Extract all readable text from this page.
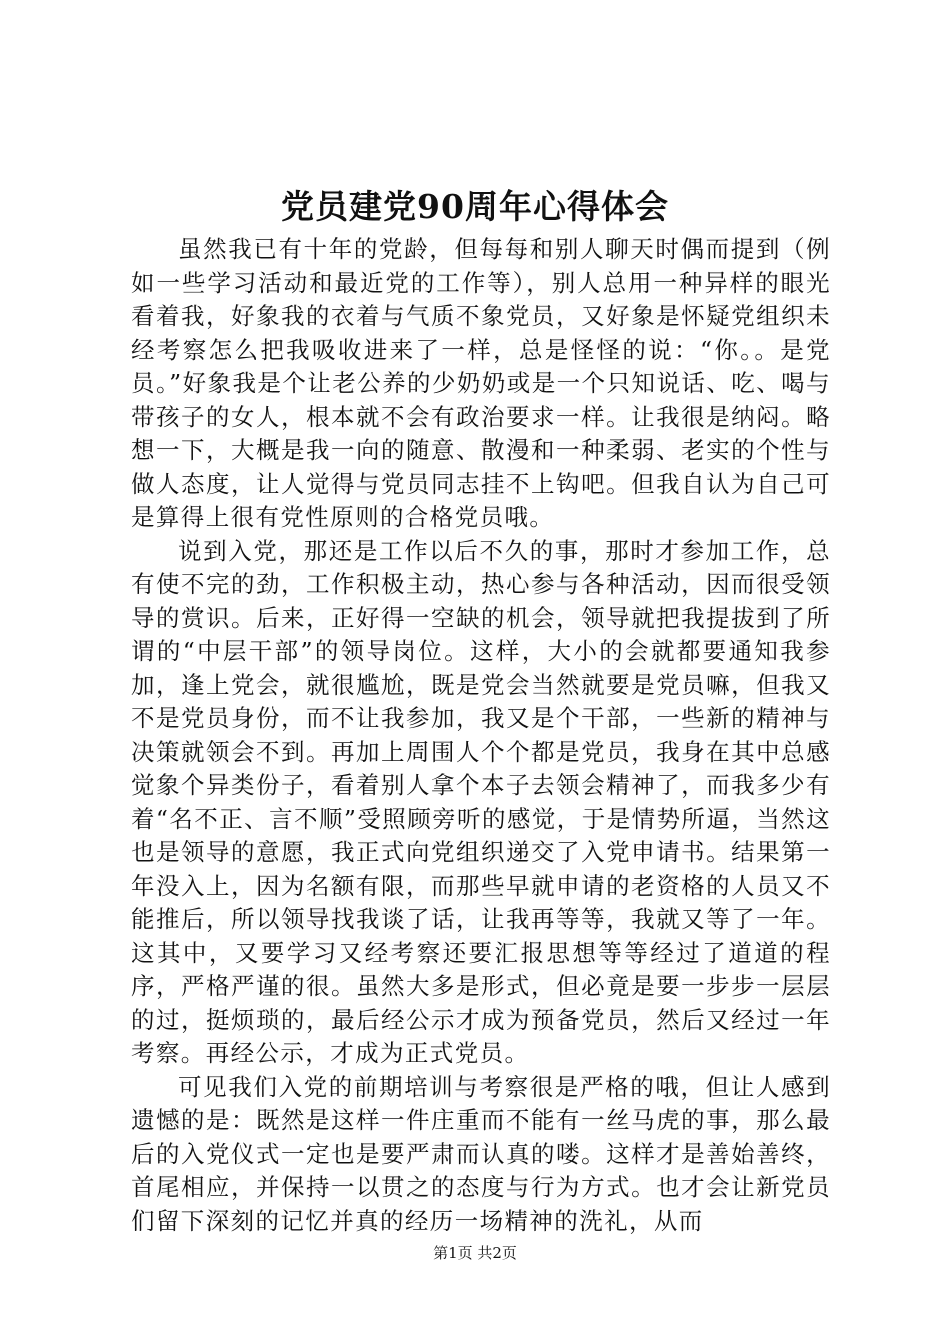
党员建党90周年心得体会

虽然我已有十年的党龄，但每每和别人聊天时偶而提到（例如一些学习活动和最近党的工作等），别人总用一种异样的眼光看着我，好象我的衣着与气质不象党员，又好象是怀疑党组织未经考察怎么把我吸收进来了一样，总是怪怪的说：“你。。是党员。”好象我是个让老公养的少奶奶或是一个只知说话、吃、喝与带孩子的女人，根本就不会有政治要求一样。让我很是纳闷。略想一下，大概是我一向的随意、散漫和一种柔弱、老实的个性与做人态度，让人觉得与党员同志挂不上钩吧。但我自认为自己可是算得上很有党性原则的合格党员哦。

说到入党，那还是工作以后不久的事，那时才参加工作，总有使不完的劲，工作积极主动，热心参与各种活动，因而很受领导的赏识。后来，正好得一空缺的机会，领导就把我提拔到了所谓的“中层干部”的领导岗位。这样，大小的会就都要通知我参加，逢上党会，就很尴尬，既是党会当然就要是党员嘛，但我又不是党员身份，而不让我参加，我又是个干部，一些新的精神与决策就领会不到。再加上周围人个个都是党员，我身在其中总感觉象个异类份子，看着别人拿个本子去领会精神了，而我多少有着“名不正、言不顺”受照顾旁听的感觉，于是情势所逼，当然这也是领导的意愿，我正式向党组织递交了入党申请书。结果第一年没入上，因为名额有限，而那些早就申请的老资格的人员又不能推后，所以领导找我谈了话，让我再等等，我就又等了一年。这其中，又要学习又经考察还要汇报思想等等经过了道道的程序，严格严谨的很。虽然大多是形式，但必竟是要一步步一层层的过，挺烦琐的，最后经公示才成为预备党员，然后又经过一年考察。再经公示，才成为正式党员。

可见我们入党的前期培训与考察很是严格的哦，但让人感到遗憾的是：既然是这样一件庄重而不能有一丝马虎的事，那么最后的入党仪式一定也是要严肃而认真的喽。这样才是善始善终，首尾相应，并保持一以贯之的态度与行为方式。也才会让新党员们留下深刻的记忆并真的经历一场精神的洗礼，从而

第1页 共2页
